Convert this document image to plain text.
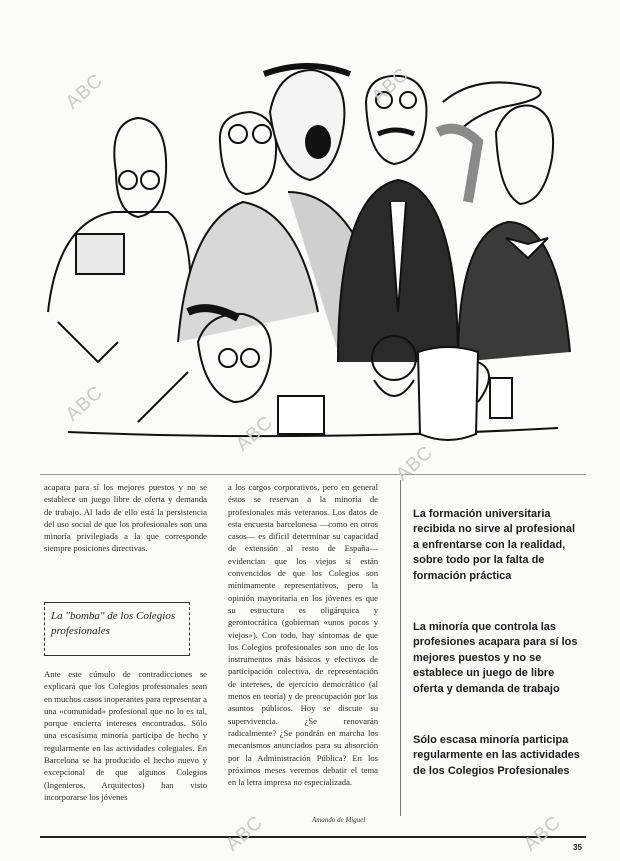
acapara para sí los mejores puestos y no se establece un juego libre de oferta y demanda de trabajo. Al lado de ello está la persistencia del uso social de que los profesionales son una minoría privilegiada a la que corresponde siempre posiciones directivas.

La "bomba" de los Colegios profesionales

Ante este cúmulo de contradicciones se explicará que los Colegios profesionales sean en muchos casos inoperantes para representar a una «comunidad» profesional que no lo es tal, porque encierra intereses encontrados. Sólo una escasísima minoría participa de hecho y regularmente en las actividades colegiales. En Barcelona se ha producido el hecho nuevo y excepcional de que algunos Colegios (Ingenieros, Arquitectos) han visto incorporarse los jóvenes

a los cargos corporativos, pero en general éstos se reservan a la minoría de profesionales más veteranos. Los datos de esta encuesta barcelonesa —como en otros casos— es difícil determinar su capacidad de extensión al resto de España— evidencian que los viejos sí están convencidos de que los Colegios son mínimamente representativos, pero la opinión mayoritaria en los jóvenes es que su estructura es oligárquica y gerontocrática (gobiernan «unos pocos y viejos»). Con todo, hay síntomas de que los Colegios profesionales son uno de los instrumentos más básicos y efectivos de participación colectiva, de representación de intereses, de ejercicio democrático (al menos en teoría) y de preocupación por los asuntos públicos. Hoy se discute su supervivencia. ¿Se renovarán radicalmente? ¿Se pondrán en marcha los mecanismos anunciados para su absorción por la Administración Pública? En los próximos meses veremos debatir el tema en la letra impresa no especializada.

Amando de Miguel

La formación universitaria recibida no sirve al profesional a enfrentarse con la realidad, sobre todo por la falta de formación práctica

La minoría que controla las profesiones acapara para sí los mejores puestos y no se establece un juego de libre oferta y demanda de trabajo

Sólo escasa minoría participa regularmente en las actividades de los Colegios Profesionales

35
ABC	ABC
ABC
ABC
ABC
ABC	ABC
